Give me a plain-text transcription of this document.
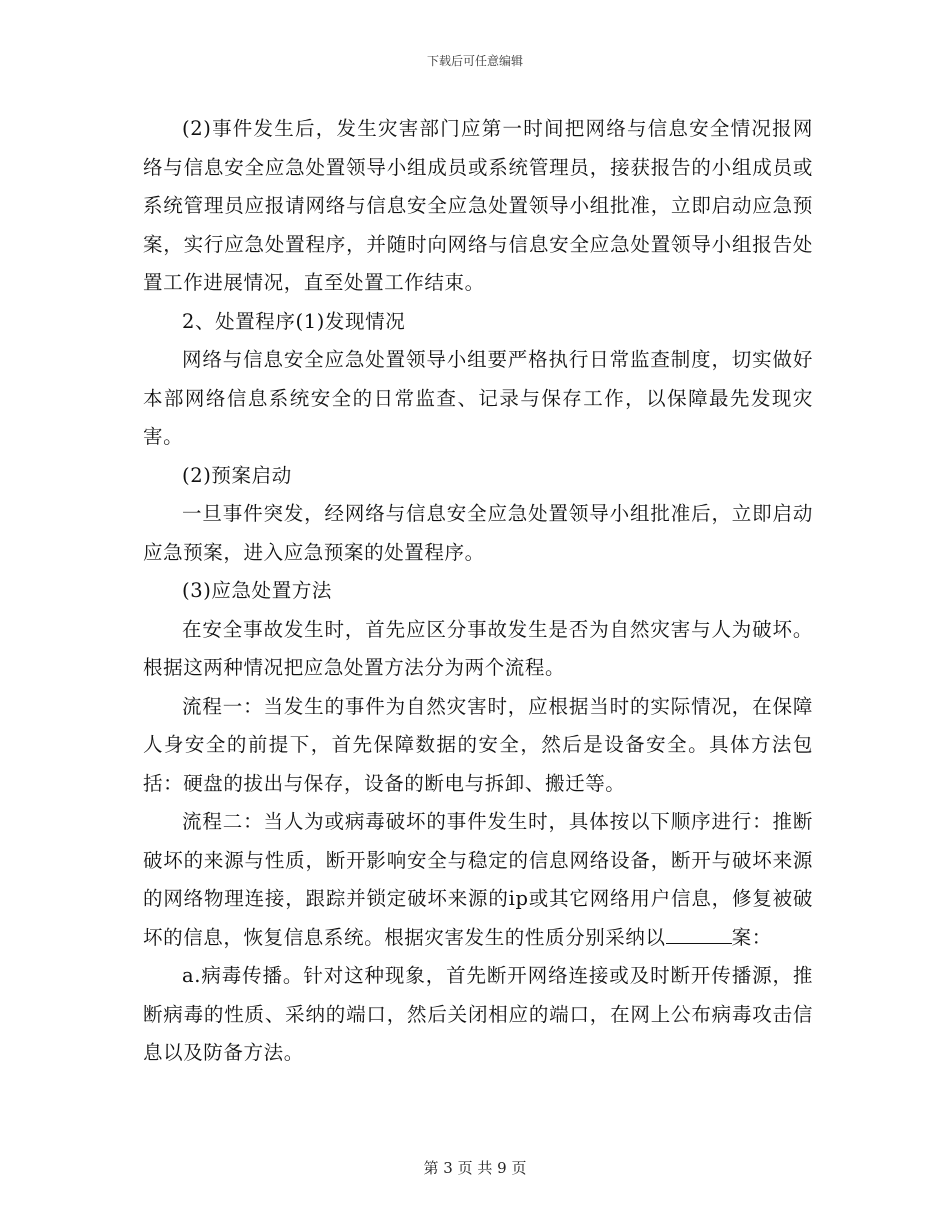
下载后可任意编辑

(2)事件发生后，发生灾害部门应第一时间把网络与信息安全情况报网络与信息安全应急处置领导小组成员或系统管理员，接获报告的小组成员或系统管理员应报请网络与信息安全应急处置领导小组批准，立即启动应急预案，实行应急处置程序，并随时向网络与信息安全应急处置领导小组报告处置工作进展情况，直至处置工作结束。

2、处置程序(1)发现情况

网络与信息安全应急处置领导小组要严格执行日常监查制度，切实做好本部网络信息系统安全的日常监查、记录与保存工作，以保障最先发现灾害。

(2)预案启动

一旦事件突发，经网络与信息安全应急处置领导小组批准后，立即启动应急预案，进入应急预案的处置程序。

(3)应急处置方法

在安全事故发生时，首先应区分事故发生是否为自然灾害与人为破坏。根据这两种情况把应急处置方法分为两个流程。

流程一：当发生的事件为自然灾害时，应根据当时的实际情况，在保障人身安全的前提下，首先保障数据的安全，然后是设备安全。具体方法包括：硬盘的拔出与保存，设备的断电与拆卸、搬迁等。

流程二：当人为或病毒破坏的事件发生时，具体按以下顺序进行：推断破坏的来源与性质，断开影响安全与稳定的信息网络设备，断开与破坏来源的网络物理连接，跟踪并锁定破坏来源的ip或其它网络用户信息，修复被破坏的信息，恢复信息系统。根据灾害发生的性质分别采纳以	案：

a.病毒传播。针对这种现象，首先断开网络连接或及时断开传播源，推断病毒的性质、采纳的端口，然后关闭相应的端口，在网上公布病毒攻击信息以及防备方法。

第 3 页 共 9 页
